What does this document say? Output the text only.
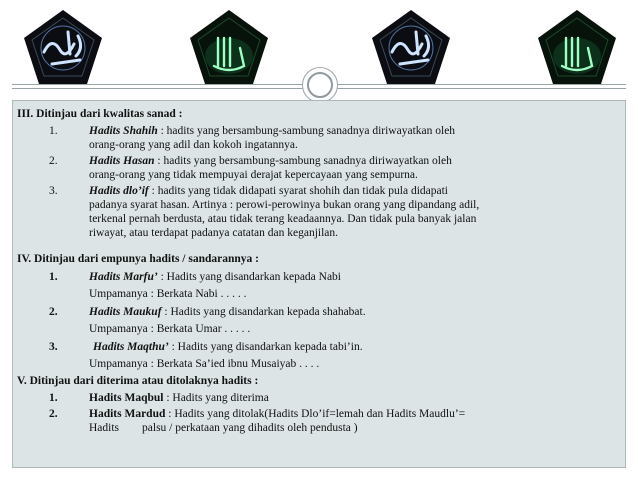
III. Ditinjau dari kwalitas sanad :
1.	Hadits Shahih : hadits yang bersambung-sambung sanadnya diriwayatkan oleh
orang-orang yang adil dan kokoh ingatannya.
2.	Hadits Hasan : hadits yang bersambung-sambung sanadnya diriwayatkan oleh
orang-orang yang tidak mempuyai derajat kepercayaan yang sempurna.
3.	Hadits dlo’if : hadits yang tidak didapati syarat shohih dan tidak pula didapati
padanya syarat hasan. Artinya : perowi-perowinya bukan orang yang dipandang adil,
terkenal pernah berdusta, atau tidak terang keadaannya. Dan tidak pula banyak jalan
riwayat, atau terdapat padanya catatan dan keganjilan.
IV. Ditinjau dari empunya hadits / sandarannya :
1.	Hadits Marfu’ : Hadits yang disandarkan kepada Nabi
Umpamanya : Berkata Nabi . . . . .
2.	Hadits Maukuf : Hadits yang disandarkan kepada shahabat.
Umpamanya : Berkata Umar . . . . .
3.	Hadits Maqthu’ : Hadits yang disandarkan kepada tabi’in.
Umpamanya : Berkata Sa’ied ibnu Musaiyab . . . .
V. Ditinjau dari diterima atau ditolaknya hadits :
1.	Hadits Maqbul : Hadits yang diterima
2.	Hadits Mardud : Hadits yang ditolak(Hadits Dlo’if=lemah dan Hadits Maudlu’=
Hadits        palsu / perkataan yang dihadits oleh pendusta )
